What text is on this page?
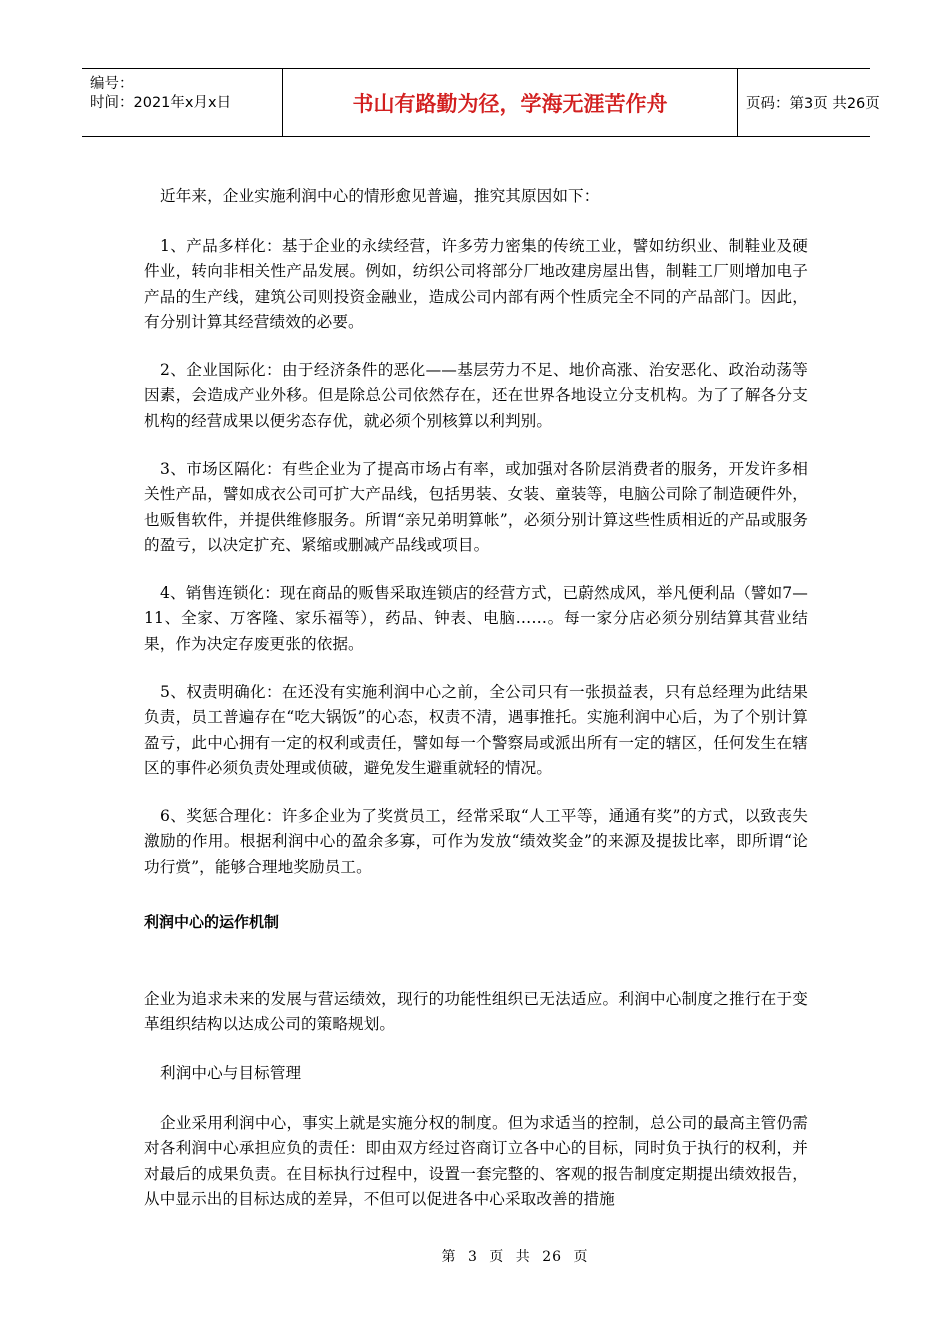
编号：
时间：2021年x月x日	书山有路勤为径，学海无涯苦作舟	页码：第3页 共26页

近年来，企业实施利润中心的情形愈见普遍，推究其原因如下：

1、产品多样化：基于企业的永续经营，许多劳力密集的传统工业，譬如纺织业、制鞋业及硬件业，转向非相关性产品发展。例如，纺织公司将部分厂地改建房屋出售，制鞋工厂则增加电子产品的生产线，建筑公司则投资金融业，造成公司内部有两个性质完全不同的产品部门。因此，有分别计算其经营绩效的必要。

2、企业国际化：由于经济条件的恶化——基层劳力不足、地价高涨、治安恶化、政治动荡等因素，会造成产业外移。但是除总公司依然存在，还在世界各地设立分支机构。为了了解各分支机构的经营成果以便劣态存优，就必须个别核算以利判别。

3、市场区隔化：有些企业为了提高市场占有率，或加强对各阶层消费者的服务，开发许多相关性产品，譬如成衣公司可扩大产品线，包括男装、女装、童装等，电脑公司除了制造硬件外，也贩售软件，并提供维修服务。所谓“亲兄弟明算帐”，必须分别计算这些性质相近的产品或服务的盈亏，以决定扩充、紧缩或删减产品线或项目。

4、销售连锁化：现在商品的贩售采取连锁店的经营方式，已蔚然成风，举凡便利品（譬如7—11、全家、万客隆、家乐福等），药品、钟表、电脑……。每一家分店必须分别结算其营业结果，作为决定存废更张的依据。

5、权责明确化：在还没有实施利润中心之前，全公司只有一张损益表，只有总经理为此结果负责，员工普遍存在“吃大锅饭”的心态，权责不清，遇事推托。实施利润中心后，为了个别计算盈亏，此中心拥有一定的权利或责任，譬如每一个警察局或派出所有一定的辖区，任何发生在辖区的事件必须负责处理或侦破，避免发生避重就轻的情况。

6、奖惩合理化：许多企业为了奖赏员工，经常采取“人工平等，通通有奖”的方式，以致丧失激励的作用。根据利润中心的盈余多寡，可作为发放“绩效奖金”的来源及提拔比率，即所谓“论功行赏”，能够合理地奖励员工。

利润中心的运作机制

企业为追求未来的发展与营运绩效，现行的功能性组织已无法适应。利润中心制度之推行在于变革组织结构以达成公司的策略规划。

利润中心与目标管理

企业采用利润中心，事实上就是实施分权的制度。但为求适当的控制，总公司的最高主管仍需对各利润中心承担应负的责任：即由双方经过咨商订立各中心的目标，同时负于执行的权利，并对最后的成果负责。在目标执行过程中，设置一套完整的、客观的报告制度定期提出绩效报告，从中显示出的目标达成的差异，不但可以促进各中心采取改善的措施

第 3 页 共 26 页
